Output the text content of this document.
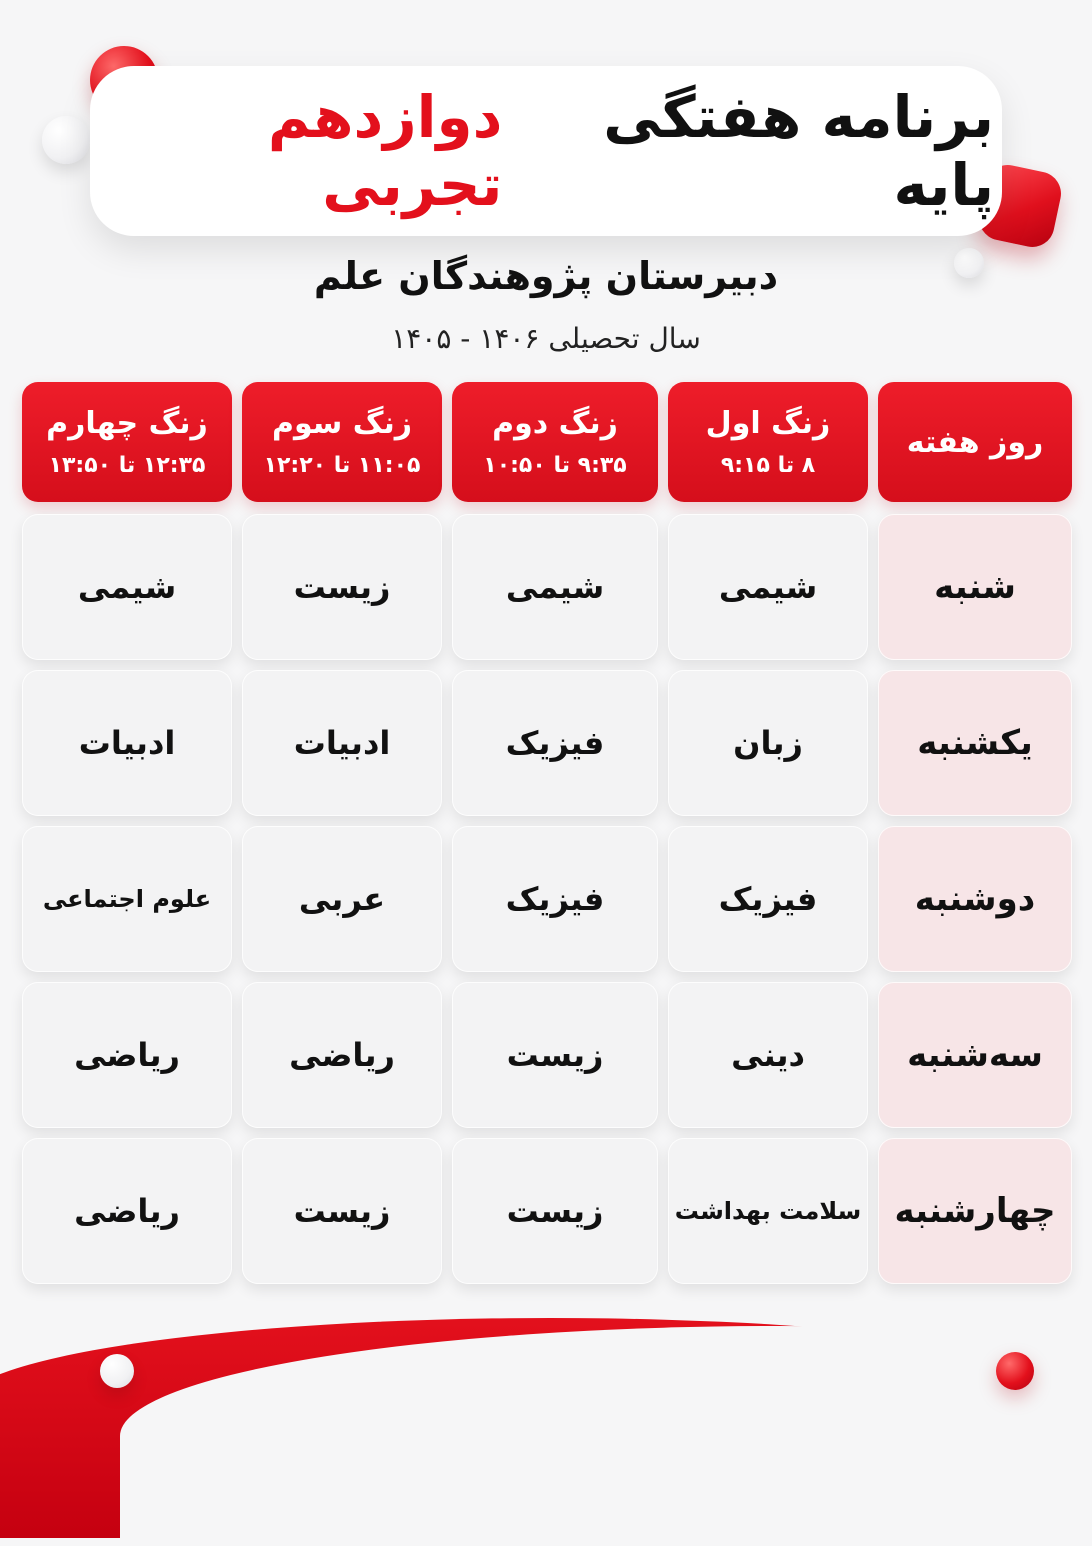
برنامه هفتگی پایه
دوازدهم تجربی
دبیرستان پژوهندگان علم
سال تحصیلی ۱۴۰۶ - ۱۴۰۵
روز هفته
شنبه
یکشنبه
دوشنبه
سه‌شنبه
چهارشنبه
زنگ اول
۸ تا ۹:۱۵
شیمی
زبان
فیزیک
دینی
سلامت بهداشت
زنگ دوم
۹:۳۵ تا ۱۰:۵۰
شیمی
فیزیک
فیزیک
زیست
زیست
زنگ سوم
۱۱:۰۵ تا ۱۲:۲۰
زیست
ادبیات
عربی
ریاضی
زیست
زنگ چهارم
۱۲:۳۵ تا ۱۳:۵۰
شیمی
ادبیات
علوم اجتماعی
ریاضی
ریاضی
